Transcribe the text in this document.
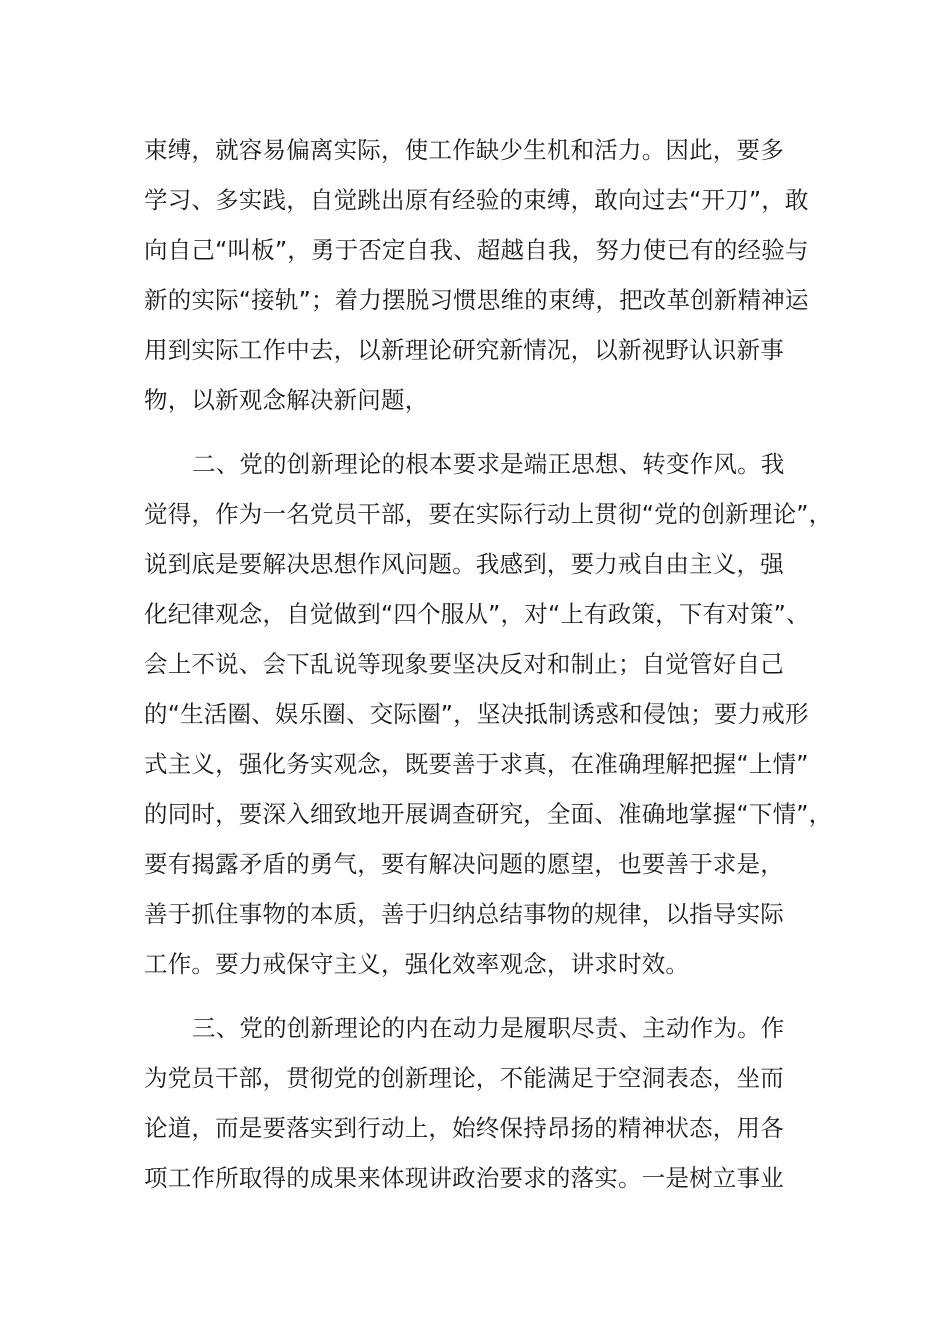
束缚，就容易偏离实际，使工作缺少生机和活力。因此，要多
学习、多实践，自觉跳出原有经验的束缚，敢向过去“开刀”，敢
向自己“叫板”，勇于否定自我、超越自我，努力使已有的经验与
新的实际“接轨”；着力摆脱习惯思维的束缚，把改革创新精神运
用到实际工作中去，以新理论研究新情况，以新视野认识新事
物，以新观念解决新问题，
二、党的创新理论的根本要求是端正思想、转变作风。我
觉得，作为一名党员干部，要在实际行动上贯彻“党的创新理论”，
说到底是要解决思想作风问题。我感到，要力戒自由主义，强
化纪律观念，自觉做到“四个服从”，对“上有政策，下有对策”、
会上不说、会下乱说等现象要坚决反对和制止；自觉管好自己
的“生活圈、娱乐圈、交际圈”，坚决抵制诱惑和侵蚀；要力戒形
式主义，强化务实观念，既要善于求真，在准确理解把握“上情”
的同时，要深入细致地开展调查研究，全面、准确地掌握“下情”，
要有揭露矛盾的勇气，要有解决问题的愿望，也要善于求是，
善于抓住事物的本质，善于归纳总结事物的规律，以指导实际
工作。要力戒保守主义，强化效率观念，讲求时效。
三、党的创新理论的内在动力是履职尽责、主动作为。作
为党员干部，贯彻党的创新理论，不能满足于空洞表态，坐而
论道，而是要落实到行动上，始终保持昂扬的精神状态，用各
项工作所取得的成果来体现讲政治要求的落实。一是树立事业
